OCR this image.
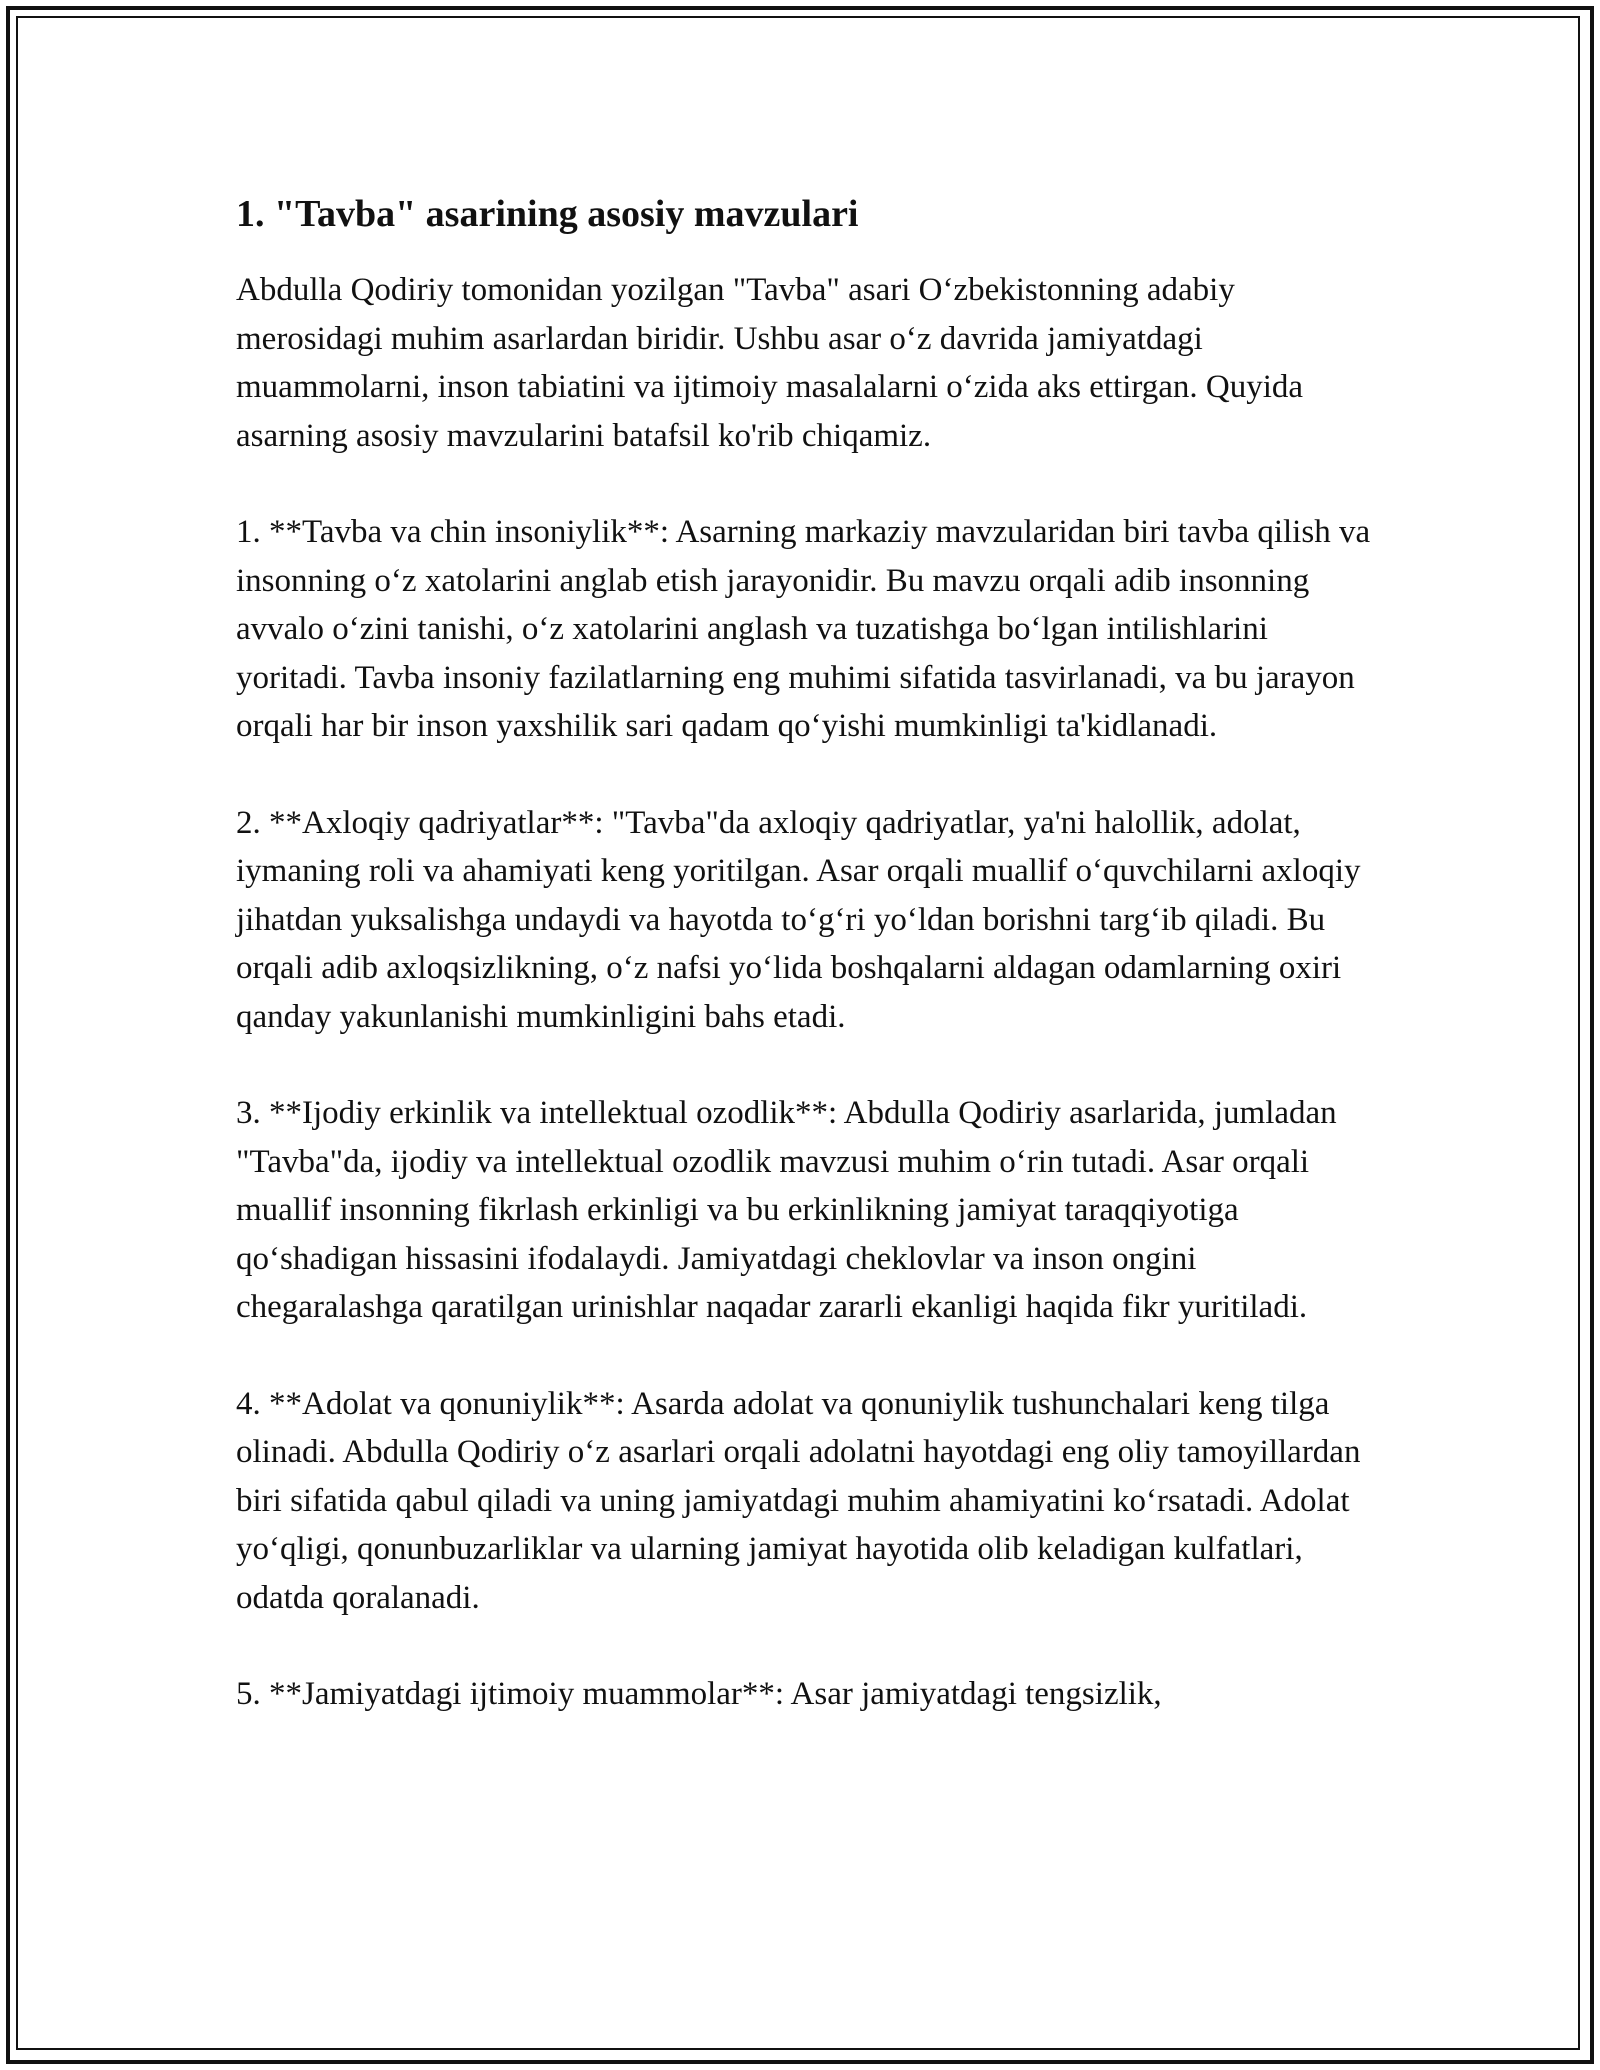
1. "Tavba" asarining asosiy mavzulari

Abdulla Qodiriy tomonidan yozilgan "Tavba" asari O‘zbekistonning adabiy merosidagi muhim asarlardan biridir. Ushbu asar o‘z davrida jamiyatdagi muammolarni, inson tabiatini va ijtimoiy masalalarni o‘zida aks ettirgan. Quyida asarning asosiy mavzularini batafsil ko'rib chiqamiz.

1. **Tavba va chin insoniylik**: Asarning markaziy mavzularidan biri tavba qilish va insonning o‘z xatolarini anglab etish jarayonidir. Bu mavzu orqali adib insonning avvalo o‘zini tanishi, o‘z xatolarini anglash va tuzatishga bo‘lgan intilishlarini yoritadi. Tavba insoniy fazilatlarning eng muhimi sifatida tasvirlanadi, va bu jarayon orqali har bir inson yaxshilik sari qadam qo‘yishi mumkinligi ta'kidlanadi.

2. **Axloqiy qadriyatlar**: "Tavba"da axloqiy qadriyatlar, ya'ni halollik, adolat, iymaning roli va ahamiyati keng yoritilgan. Asar orqali muallif o‘quvchilarni axloqiy jihatdan yuksalishga undaydi va hayotda to‘g‘ri yo‘ldan borishni targ‘ib qiladi. Bu orqali adib axloqsizlikning, o‘z nafsi yo‘lida boshqalarni aldagan odamlarning oxiri qanday yakunlanishi mumkinligini bahs etadi.

3. **Ijodiy erkinlik va intellektual ozodlik**: Abdulla Qodiriy asarlarida, jumladan "Tavba"da, ijodiy va intellektual ozodlik mavzusi muhim o‘rin tutadi. Asar orqali muallif insonning fikrlash erkinligi va bu erkinlikning jamiyat taraqqiyotiga qo‘shadigan hissasini ifodalaydi. Jamiyatdagi cheklovlar va inson ongini chegaralashga qaratilgan urinishlar naqadar zararli ekanligi haqida fikr yuritiladi.

4. **Adolat va qonuniylik**: Asarda adolat va qonuniylik tushunchalari keng tilga olinadi. Abdulla Qodiriy o‘z asarlari orqali adolatni hayotdagi eng oliy tamoyillardan biri sifatida qabul qiladi va uning jamiyatdagi muhim ahamiyatini ko‘rsatadi. Adolat yo‘qligi, qonunbuzarliklar va ularning jamiyat hayotida olib keladigan kulfatlari, odatda qoralanadi.

5. **Jamiyatdagi ijtimoiy muammolar**: Asar jamiyatdagi tengsizlik,
